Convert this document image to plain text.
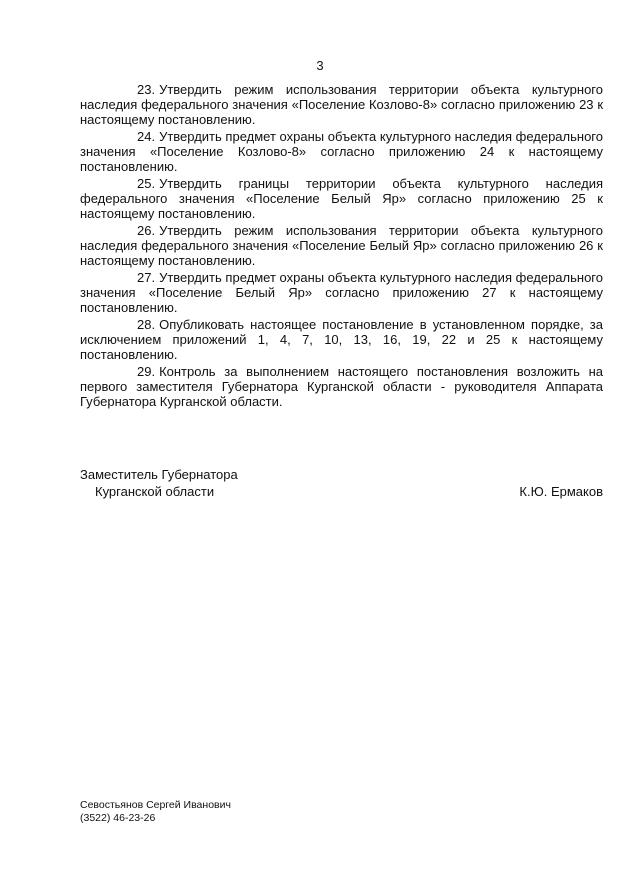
3

23. Утвердить режим использования территории объекта культурного наследия федерального значения «Поселение Козлово-8» согласно приложению 23 к настоящему постановлению.

24. Утвердить предмет охраны объекта культурного наследия федерального значения «Поселение Козлово-8» согласно приложению 24 к настоящему постановлению.

25. Утвердить границы территории объекта культурного наследия федерального значения «Поселение Белый Яр» согласно приложению 25 к настоящему постановлению.

26. Утвердить режим использования территории объекта культурного наследия федерального значения «Поселение Белый Яр» согласно приложению 26 к настоящему постановлению.

27. Утвердить предмет охраны объекта культурного наследия федерального значения «Поселение Белый Яр» согласно приложению 27 к настоящему постановлению.

28. Опубликовать настоящее постановление в установленном порядке, за исключением приложений 1, 4, 7, 10, 13, 16, 19, 22 и 25 к настоящему постановлению.

29. Контроль за выполнением настоящего постановления возложить на первого заместителя Губернатора Курганской области - руководителя Аппарата Губернатора Курганской области.

Заместитель Губернатора
Курганской области	К.Ю. Ермаков
Севостьянов Сергей Иванович
(3522) 46-23-26
